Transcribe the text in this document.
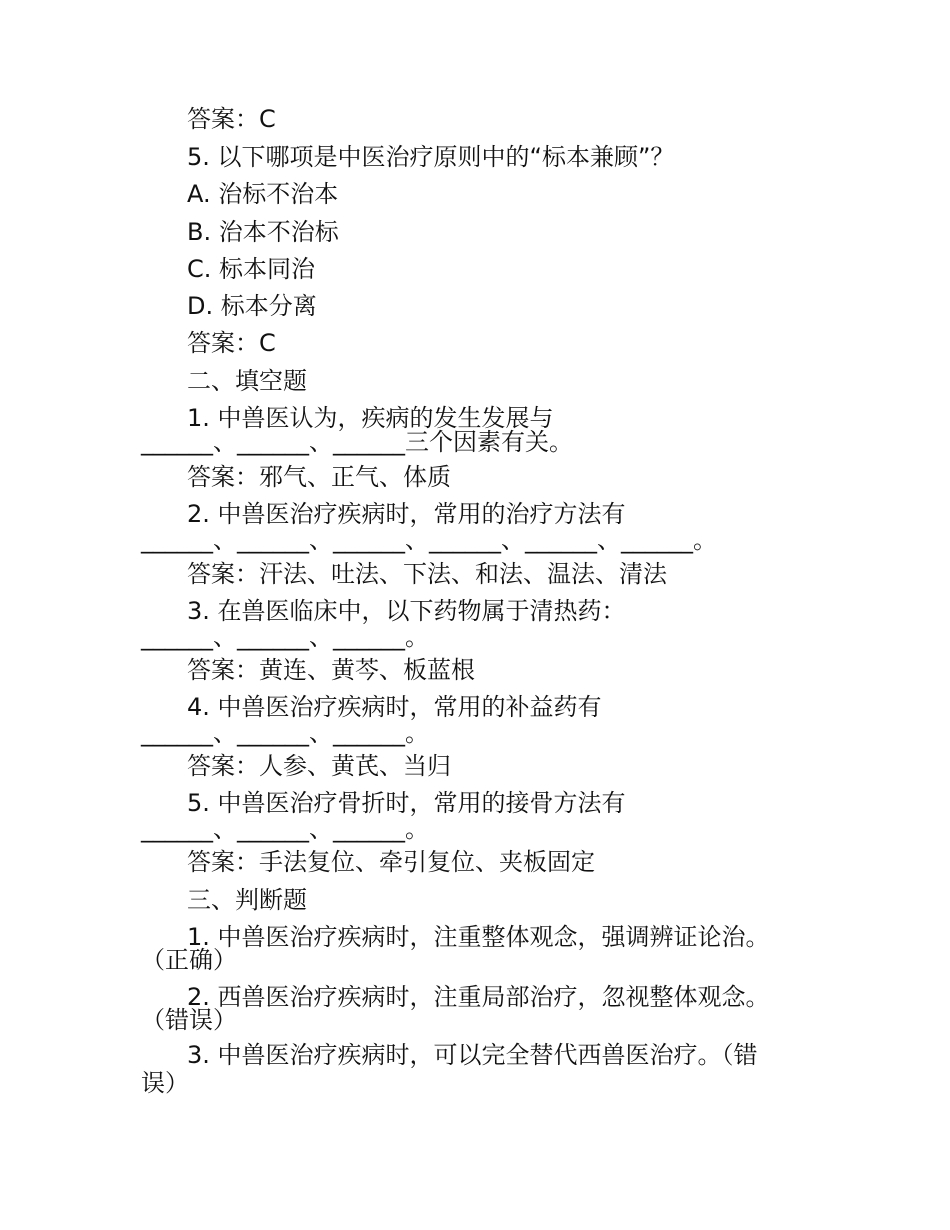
答案：C
5. 以下哪项是中医治疗原则中的“标本兼顾”？
A. 治标不治本
B. 治本不治标
C. 标本同治
D. 标本分离
答案：C
二、填空题
1. 中兽医认为，疾病的发生发展与
______、______、______三个因素有关。
答案：邪气、正气、体质
2. 中兽医治疗疾病时，常用的治疗方法有
______、______、______、______、______、______。
答案：汗法、吐法、下法、和法、温法、清法
3. 在兽医临床中，以下药物属于清热药：
______、______、______。
答案：黄连、黄芩、板蓝根
4. 中兽医治疗疾病时，常用的补益药有
______、______、______。
答案：人参、黄芪、当归
5. 中兽医治疗骨折时，常用的接骨方法有
______、______、______。
答案：手法复位、牵引复位、夹板固定
三、判断题
1. 中兽医治疗疾病时，注重整体观念，强调辨证论治。
（正确）
2. 西兽医治疗疾病时，注重局部治疗，忽视整体观念。
（错误）
3. 中兽医治疗疾病时，可以完全替代西兽医治疗。（错
误）
